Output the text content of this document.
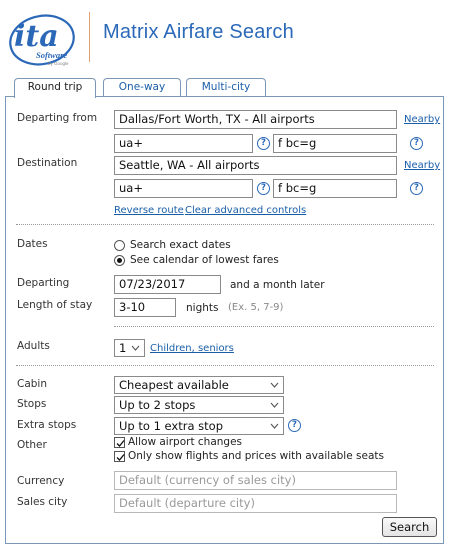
ita
Software
by Google
Matrix Airfare Search
Round trip	One-way	Multi-city
Departing from	Dallas/Fort Worth, TX - All airports	Nearby
ua+	?	f bc=g	?
Destination	Seattle, WA - All airports	Nearby
ua+	?	f bc=g	?
Reverse route Clear advanced controls
Dates	Search exact dates
See calendar of lowest fares
Departing	07/23/2017	and a month later
Length of stay	3-10	nights (Ex. 5, 7-9)
Adults	1	Children, seniors
Cabin	Cheapest available
Stops	Up to 2 stops
Extra stops	Up to 1 extra stop	?
Other	Allow airport changes
Only show flights and prices with available seats
Currency	Default (currency of sales city)
Sales city	Default (departure city)
Search
